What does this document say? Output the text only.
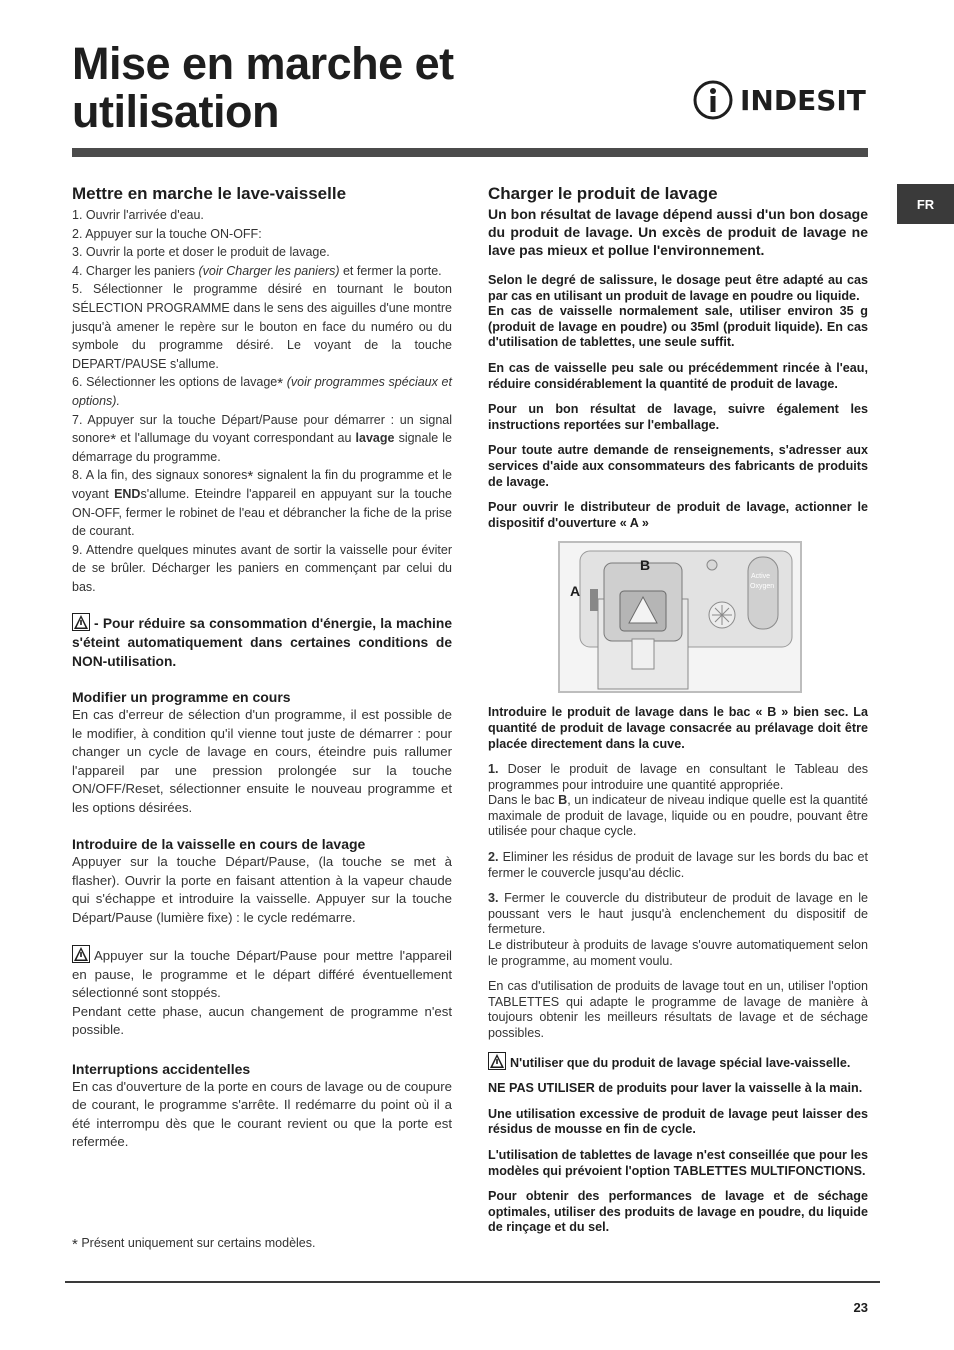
Mise en marche et
utilisation	INDESIT
FR
Mettre en marche le lave-vaisselle

1. Ouvrir l'arrivée d'eau.

2. Appuyer sur la touche ON-OFF:

3. Ouvrir la porte et doser le produit de lavage.

4. Charger les paniers (voir Charger les paniers) et fermer la porte.

5. Sélectionner le programme désiré en tournant le bouton SÉLECTION PROGRAMME dans le sens des aiguilles d'une montre jusqu'à amener le repère sur le bouton en face du numéro ou du symbole du programme désiré. Le voyant de la touche DEPART/PAUSE s'allume.

6. Sélectionner les options de lavage* (voir programmes spéciaux et options).

7. Appuyer sur la touche Départ/Pause pour démarrer : un signal sonore* et l'allumage du voyant correspondant au lavage signale le démarrage du programme.

8. A la fin, des signaux sonores* signalent la fin du programme et le voyant ENDs'allume. Eteindre l'appareil en appuyant sur la touche ON-OFF, fermer le robinet de l'eau et débrancher la fiche de la prise de courant.

9. Attendre quelques minutes avant de sortir la vaisselle pour éviter de se brûler. Décharger les paniers en commençant par celui du bas.

- Pour réduire sa consommation d'énergie, la machine s'éteint automatiquement dans certaines conditions de NON-utilisation.

Modifier un programme en cours

En cas d'erreur de sélection d'un programme, il est possible de le modifier, à condition qu'il vienne tout juste de démarrer : pour changer un cycle de lavage en cours, éteindre puis rallumer l'appareil par une pression prolongée sur la touche ON/OFF/Reset, sélectionner ensuite le nouveau programme et les options désirées.

Introduire de la vaisselle en cours de lavage

Appuyer sur la touche Départ/Pause, (la touche se met à flasher). Ouvrir la porte en faisant attention à la vapeur chaude qui s'échappe et introduire la vaisselle. Appuyer sur la touche Départ/Pause (lumière fixe) : le cycle redémarre.

Appuyer sur la touche Départ/Pause pour mettre l'appareil en pause, le programme et le départ différé éventuellement sélectionné sont stoppés.

Pendant cette phase, aucun changement de programme n'est possible.

Interruptions accidentelles

En cas d'ouverture de la porte en cours de lavage ou de coupure de courant, le programme s'arrête. Il redémarre du point où il a été interrompu dès que le courant revient ou que la porte est refermée.

* Présent uniquement sur certains modèles.
Charger le produit de lavage

Un bon résultat de lavage dépend aussi d'un bon dosage du produit de lavage. Un excès de produit de lavage ne lave pas mieux et pollue l'environnement.

Selon le degré de salissure, le dosage peut être adapté au cas par cas en utilisant un produit de lavage en poudre ou liquide.

En cas de vaisselle normalement sale, utiliser environ 35 g (produit de lavage en poudre) ou 35ml (produit liquide). En cas d'utilisation de tablettes, une seule suffit.

En cas de vaisselle peu sale ou précédemment rincée à l'eau, réduire considérablement la quantité de produit de lavage.

Pour un bon résultat de lavage, suivre également les instructions reportées sur l'emballage.

Pour toute autre demande de renseignements, s'adresser aux services d'aide aux consommateurs des fabricants de produits de lavage.

Pour ouvrir le distributeur de produit de lavage, actionner le dispositif d'ouverture « A »

A
B
Active
Oxygen

Introduire le produit de lavage dans le bac « B » bien sec. La quantité de produit de lavage consacrée au prélavage doit être placée directement dans la cuve.

1. Doser le produit de lavage en consultant le Tableau des programmes pour introduire une quantité appropriée.

Dans le bac B, un indicateur de niveau indique quelle est la quantité maximale de produit de lavage, liquide ou en poudre, pouvant être utilisée pour chaque cycle.

2. Eliminer les résidus de produit de lavage sur les bords du bac et fermer le couvercle jusqu'au déclic.

3. Fermer le couvercle du distributeur de produit de lavage en le poussant vers le haut jusqu'à enclenchement du dispositif de fermeture.

Le distributeur à produits de lavage s'ouvre automatiquement selon le programme, au moment voulu.

En cas d'utilisation de produits de lavage tout en un, utiliser l'option TABLETTES qui adapte le programme de lavage de manière à toujours obtenir les meilleurs résultats de lavage et de séchage possibles.

N'utiliser que du produit de lavage spécial lave-vaisselle.

NE PAS UTILISER de produits pour laver la vaisselle à la main.

Une utilisation excessive de produit de lavage peut laisser des résidus de mousse en fin de cycle.

L'utilisation de tablettes de lavage n'est conseillée que pour les modèles qui prévoient l'option TABLETTES MULTIFONCTIONS.

Pour obtenir des performances de lavage et de séchage optimales, utiliser des produits de lavage en poudre, du liquide de rinçage et du sel.

23
